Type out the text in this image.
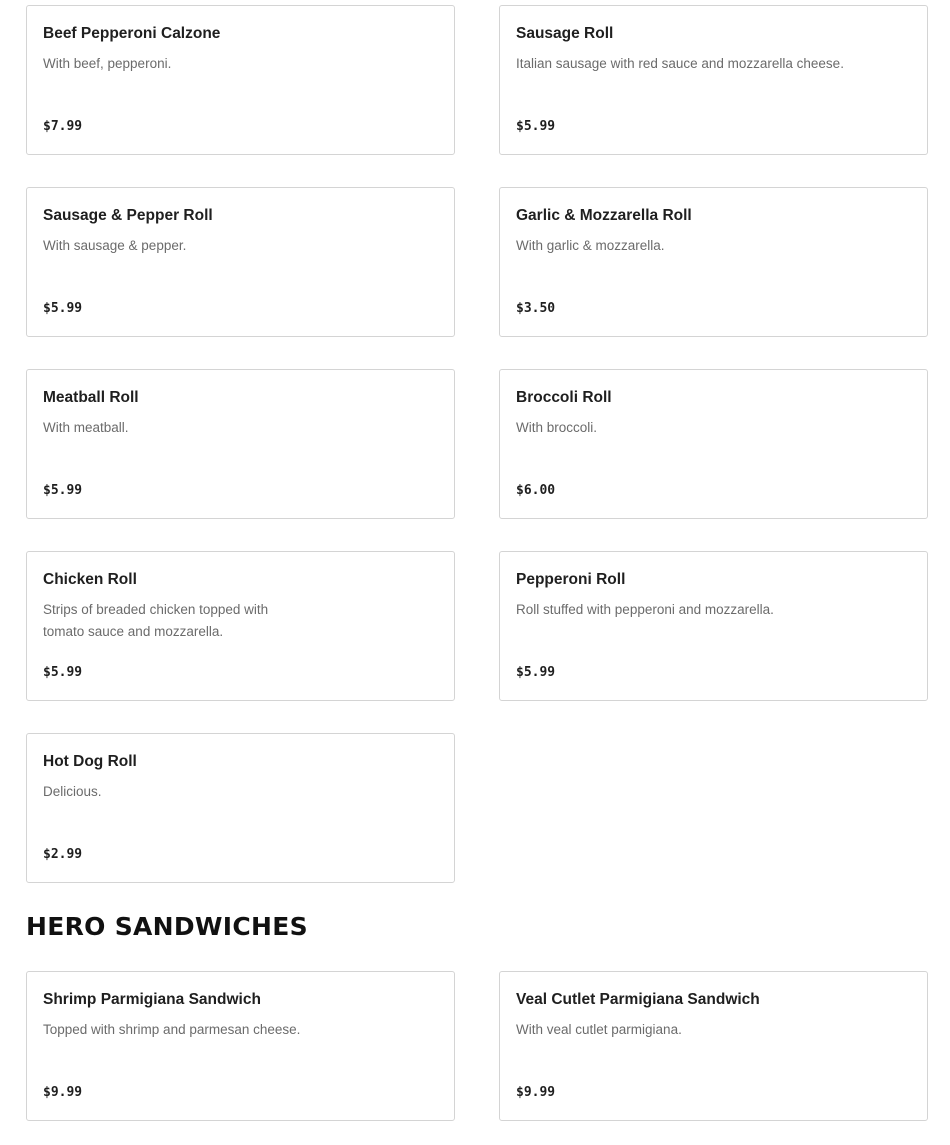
Beef Pepperoni Calzone
With beef, pepperoni.
$7.99
Sausage Roll
Italian sausage with red sauce and mozzarella cheese.
$5.99
Sausage & Pepper Roll
With sausage & pepper.
$5.99
Garlic & Mozzarella Roll
With garlic & mozzarella.
$3.50
Meatball Roll
With meatball.
$5.99
Broccoli Roll
With broccoli.
$6.00
Chicken Roll
Strips of breaded chicken topped with tomato sauce and mozzarella.
$5.99
Pepperoni Roll
Roll stuffed with pepperoni and mozzarella.
$5.99
Hot Dog Roll
Delicious.
$2.99
HERO SANDWICHES
Shrimp Parmigiana Sandwich
Topped with shrimp and parmesan cheese.
$9.99
Veal Cutlet Parmigiana Sandwich
With veal cutlet parmigiana.
$9.99
